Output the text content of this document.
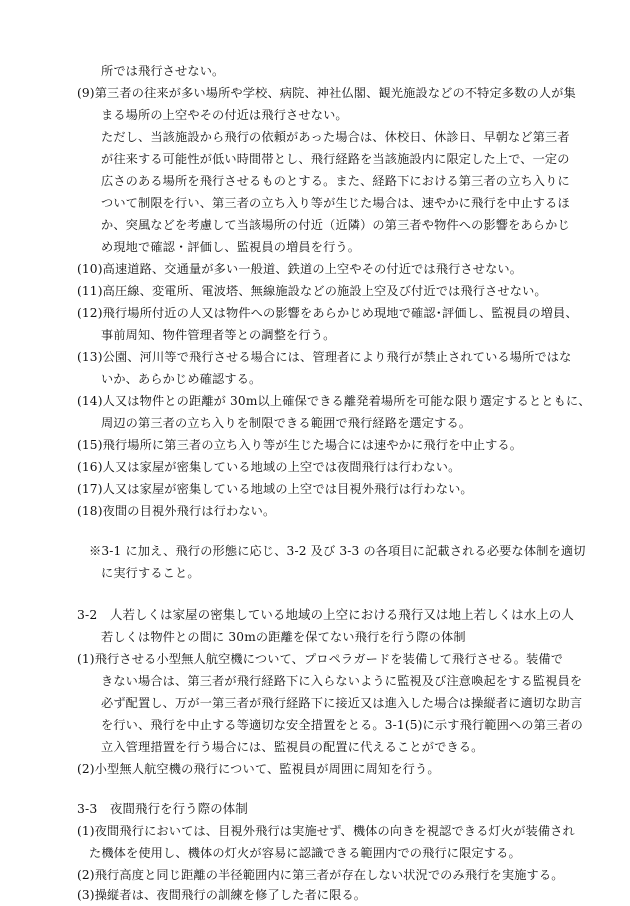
所では飛行させない。
(9)第三者の往来が多い場所や学校、病院、神社仏閣、観光施設などの不特定多数の人が集
まる場所の上空やその付近は飛行させない。
ただし、当該施設から飛行の依頼があった場合は、休校日、休診日、早朝など第三者
が往来する可能性が低い時間帯とし、飛行経路を当該施設内に限定した上で、一定の
広さのある場所を飛行させるものとする。また、経路下における第三者の立ち入りに
ついて制限を行い、第三者の立ち入り等が生じた場合は、速やかに飛行を中止するほ
か、突風などを考慮して当該場所の付近（近隣）の第三者や物件への影響をあらかじ
め現地で確認・評価し、監視員の増員を行う。
(10)高速道路、交通量が多い一般道、鉄道の上空やその付近では飛行させない。
(11)高圧線、変電所、電波塔、無線施設などの施設上空及び付近では飛行させない。
(12)飛行場所付近の人又は物件への影響をあらかじめ現地で確認･評価し、監視員の増員、
事前周知、物件管理者等との調整を行う。
(13)公園、河川等で飛行させる場合には、管理者により飛行が禁止されている場所ではな
いか、あらかじめ確認する。
(14)人又は物件との距離が 30m以上確保できる離発着場所を可能な限り選定するとともに、
周辺の第三者の立ち入りを制限できる範囲で飛行経路を選定する。
(15)飛行場所に第三者の立ち入り等が生じた場合には速やかに飛行を中止する。
(16)人又は家屋が密集している地域の上空では夜間飛行は行わない。
(17)人又は家屋が密集している地域の上空では目視外飛行は行わない。
(18)夜間の目視外飛行は行わない。
※3-1 に加え、飛行の形態に応じ、3-2 及び 3-3 の各項目に記載される必要な体制を適切
に実行すること。
3-2　人若しくは家屋の密集している地域の上空における飛行又は地上若しくは水上の人
若しくは物件との間に 30mの距離を保てない飛行を行う際の体制
(1)飛行させる小型無人航空機について、プロペラガードを装備して飛行させる。装備で
きない場合は、第三者が飛行経路下に入らないように監視及び注意喚起をする監視員を
必ず配置し、万が一第三者が飛行経路下に接近又は進入した場合は操縦者に適切な助言
を行い、飛行を中止する等適切な安全措置をとる。3-1(5)に示す飛行範囲への第三者の
立入管理措置を行う場合には、監視員の配置に代えることができる。
(2)小型無人航空機の飛行について、監視員が周囲に周知を行う。
3-3　夜間飛行を行う際の体制
(1)夜間飛行においては、目視外飛行は実施せず、機体の向きを視認できる灯火が装備され
た機体を使用し、機体の灯火が容易に認識できる範囲内での飛行に限定する。
(2)飛行高度と同じ距離の半径範囲内に第三者が存在しない状況でのみ飛行を実施する。
(3)操縦者は、夜間飛行の訓練を修了した者に限る。
